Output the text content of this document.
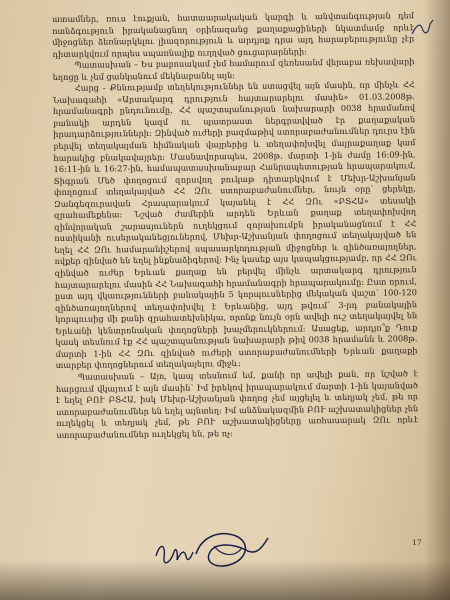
ատամներ, ռուս էուքյան, հատաարակական կարգի և անվտանգության դեմ ոտնձգություն իրականացնող օրինազանց քաղաքացիների նկատմամբ որևէ միջոցներ ձեռնարկելու լիազորություն և արդյոք դրա այդ հարաբերությունը չէր դիտարկվում որպես սպառնալիք ուղղված ցուցարարների:

Պատասխան – Ես բաբոսակամ չեմ համարում զեռեսանմ վերաբա ռեխավարի եղոցը և չեմ ցանկանում մեկնաբանել այն:

Հարց - Քննությամբ տեղեկություններ են ստացվել այն մասին, որ մինչև ՀՀ Նախագահի «Արտակարգ դրություն հայտարարելու մասին» 01.03.2008թ. հրամանագրի ընդունումը, ՀՀ պաշտպանության նախարարի 0038 հրամանով բանակի արդեն կազմ ու պատրաստ ներգրավված էր քաղաքական իրադարձությունների: Զինված ուժերի բազմաթիվ ստորաբաժանումներ դուրս էին բերվել տեղակայման հիմնական վայրերից և տեղափոխվել մայրաքաղաք կամ հարակից բնակավայրեր: Մասնավորապես, 2008թ. մարտի 1-ին ժամը 16:09-ին, 16:11-ին և 16:27-ին, համապատասխանաբար Հանրապետության հրապարակում, Տիգրան Մեծ փողոցում զորսվող բուկաթ դիտարկվում է Մեխր-Աշխանյան փողոցում տեղակայված ՀՀ ԶՈւ ստորաբաժանումներ, նույն օրը՝ ցերեկը, Զանգեզուրավան Հրապարակում կայանել է ՀՀ ԶՈւ «ԲՏՀԱ» տեսակի զրահամեքենա: Նշված ժամերին արդեն Երևան քաղաք տեղափոխվող զինվորական շարասյուներն ուղեկցում զորախումբն իրականացնում է ՀՀ ոստիկանի ուսերականեցյուներով, Մեխր-Աշխանյան փողոցում տեղակայված են եղել ՀՀ ԶՈւ համարանիշերով սպասարկողության միջոցներ և զինծառայողներ, ովքեր զինված են եղել ինքնաձիգերով: Ինչ կասեք այս կապակցությամբ, որ ՀՀ ԶՈւ զինված ուժեր Երևան քաղաք են բերվել մինչև արտակարգ դրություն հայտարարելու մասին ՀՀ Նախագահի հրամանագրի հրապարակումը: Ըստ որում, ըստ այդ վկաությունների բանակային 5 կորպուսներից մեկական վաշտ՝ 100-120 զինծառայողներով տեղափոխվել է Երևանից, այդ թվում՝ 3-րդ բանակային կորպուսից մի քանի զրահատեխնիկա, որոնք նույն օրն ավելի ուշ տեղակայվել են Երևանի կենտրոնական փողոցների խաչմերուկներում: Ասացեք, արդյո՞ք Դուք կասկ տեսնում էք ՀՀ պաշտպանության նախարարի թիվ 0038 հրամանն և 2008թ. մարտի 1-ին ՀՀ ԶՈւ զինված ուժերի ստորաբաժանումների Երևան քաղաքի տարբեր փողոցներում տեղակայելու միջև:

Պատասխան – Այո, կապ տեսնում եմ, քանի որ ավելի քան, որ նշված է հարցում վկայում է այն մասին՝ Իմ իրեկով իրապարակում մարտի 1-ին կայանված է եղել ԲՈՒ ԲՏՀԱ, իսկ Մեխր-Աշխանյան փողոց չեմ այցելել և տեղյակ չեմ, թե որ ստորաբաժանումներ են եղել այնտեղ: Իմ անձնակազմին ԲՈՒ աշխատակիցներ չեն ուղեկցել և տեղյակ չեմ, թե ԲՈՒ աշխատակիցները առհասարակ ԶՈւ որևէ ստորաբաժանումներ ուղեկցել են, թե ոչ:

17
